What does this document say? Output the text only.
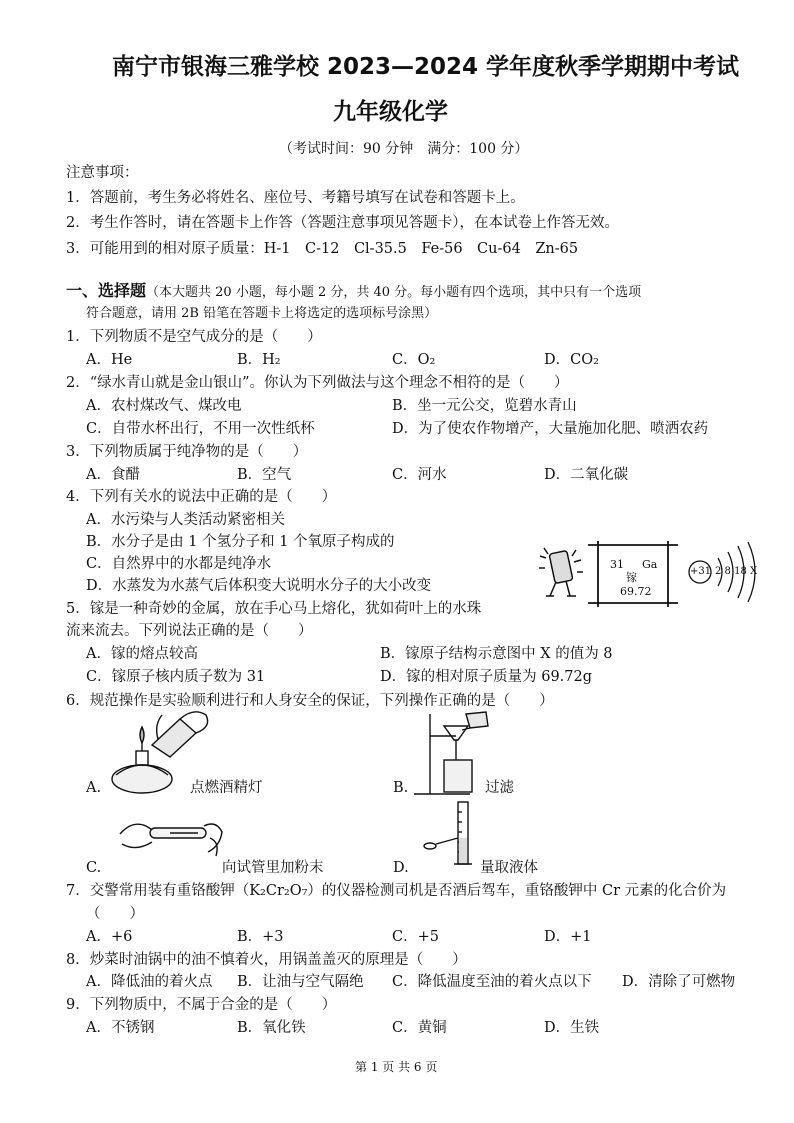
南宁市银海三雅学校 2023—2024 学年度秋季学期期中考试
九年级化学
（考试时间：90 分钟　满分：100 分）
注意事项：
1．答题前，考生务必将姓名、座位号、考籍号填写在试卷和答题卡上。
2．考生作答时，请在答题卡上作答（答题注意事项见答题卡），在本试卷上作答无效。
3．可能用到的相对原子质量：H-1　C-12　Cl-35.5　Fe-56　Cu-64　Zn-65
一、选择题（本大题共 20 小题，每小题 2 分，共 40 分。每小题有四个选项，其中只有一个选项
符合题意，请用 2B 铅笔在答题卡上将选定的选项标号涂黑）
1．下列物质不是空气成分的是（　　）
A．He	B．H₂	C．O₂	D．CO₂
2．“绿水青山就是金山银山”。你认为下列做法与这个理念不相符的是（　　）
A．农村煤改气、煤改电	B．坐一元公交，览碧水青山
C．自带水杯出行，不用一次性纸杯	D．为了使农作物增产，大量施加化肥、喷洒农药
3．下列物质属于纯净物的是（　　）
A．食醋	B．空气	C．河水	D．二氧化碳
4．下列有关水的说法中正确的是（　　）
A．水污染与人类活动紧密相关
B．水分子是由 1 个氢分子和 1 个氧原子构成的
C．自然界中的水都是纯净水
D．水蒸发为水蒸气后体积变大说明水分子的大小改变
31 Ga
镓
69.72
+31 2 8 18 X
5．镓是一种奇妙的金属，放在手心马上熔化，犹如荷叶上的水珠
流来流去。下列说法正确的是（　　）
A．镓的熔点较高	B．镓原子结构示意图中 X 的值为 8
C．镓原子核内质子数为 31	D．镓的相对原子质量为 69.72g
6．规范操作是实验顺利进行和人身安全的保证，下列操作正确的是（　　）
A.	点燃酒精灯	B.	过滤
C.	向试管里加粉末	D.	量取液体
7．交警常用装有重铬酸钾（K₂Cr₂O₇）的仪器检测司机是否酒后驾车，重铬酸钾中 Cr 元素的化合价为
（　　）
A．+6	B．+3	C．+5	D．+1
8．炒菜时油锅中的油不慎着火，用锅盖盖灭的原理是（　　）
A．降低油的着火点 B．让油与空气隔绝 C．降低温度至油的着火点以下 D．清除了可燃物
9．下列物质中，不属于合金的是（　　）
A．不锈钢	B．氧化铁	C．黄铜	D．生铁
第 1 页 共 6 页
